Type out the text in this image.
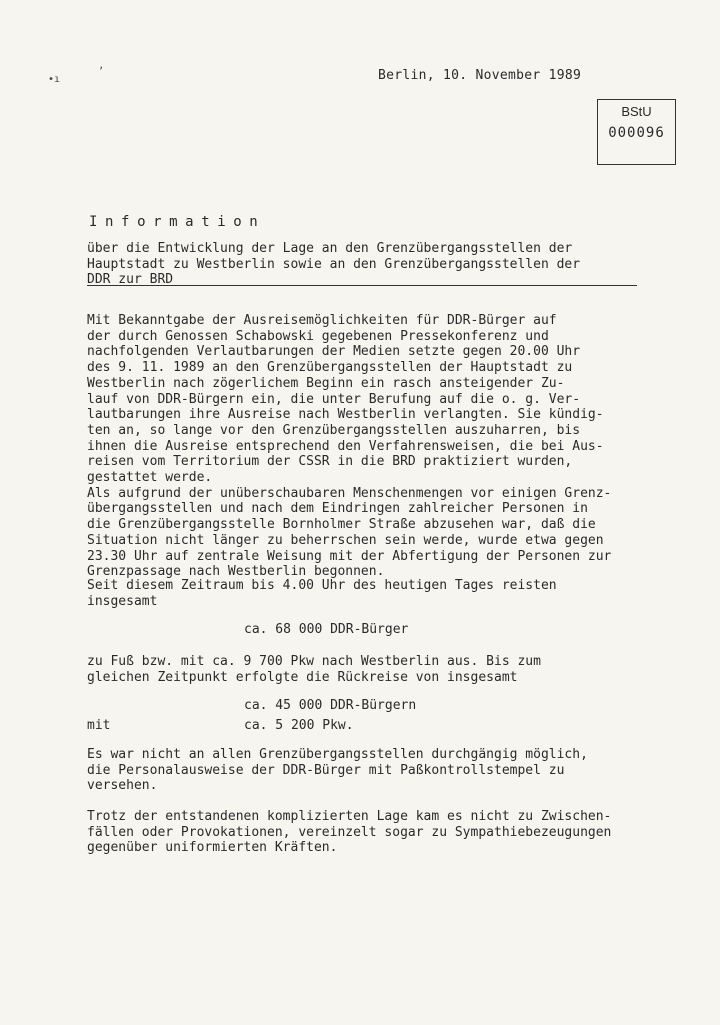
•ı
ʼ	Berlin, 10. November 1989
BStU
000096
Information
über die Entwicklung der Lage an den Grenzübergangsstellen der
Hauptstadt zu Westberlin sowie an den Grenzübergangsstellen der
DDR zur BRD
Mit Bekanntgabe der Ausreisemöglichkeiten für DDR-Bürger auf
der durch Genossen Schabowski gegebenen Pressekonferenz und
nachfolgenden Verlautbarungen der Medien setzte gegen 20.00 Uhr
des 9. 11. 1989 an den Grenzübergangsstellen der Hauptstadt zu
Westberlin nach zögerlichem Beginn ein rasch ansteigender Zu-
lauf von DDR-Bürgern ein, die unter Berufung auf die o. g. Ver-
lautbarungen ihre Ausreise nach Westberlin verlangten. Sie kündig-
ten an, so lange vor den Grenzübergangsstellen auszuharren, bis
ihnen die Ausreise entsprechend den Verfahrensweisen, die bei Aus-
reisen vom Territorium der CSSR in die BRD praktiziert wurden,
gestattet werde.
Als aufgrund der unüberschaubaren Menschenmengen vor einigen Grenz-
übergangsstellen und nach dem Eindringen zahlreicher Personen in
die Grenzübergangsstelle Bornholmer Straße abzusehen war, daß die
Situation nicht länger zu beherrschen sein werde, wurde etwa gegen
23.30 Uhr auf zentrale Weisung mit der Abfertigung der Personen zur
Grenzpassage nach Westberlin begonnen.
Seit diesem Zeitraum bis 4.00 Uhr des heutigen Tages reisten
insgesamt
ca. 68 000 DDR-Bürger
zu Fuß bzw. mit ca. 9 700 Pkw nach Westberlin aus. Bis zum
gleichen Zeitpunkt erfolgte die Rückreise von insgesamt
ca. 45 000 DDR-Bürgern
mit	ca. 5 200 Pkw.
Es war nicht an allen Grenzübergangsstellen durchgängig möglich,
die Personalausweise der DDR-Bürger mit Paßkontrollstempel zu
versehen.
Trotz der entstandenen komplizierten Lage kam es nicht zu Zwischen-
fällen oder Provokationen, vereinzelt sogar zu Sympathiebezeugungen
gegenüber uniformierten Kräften.
